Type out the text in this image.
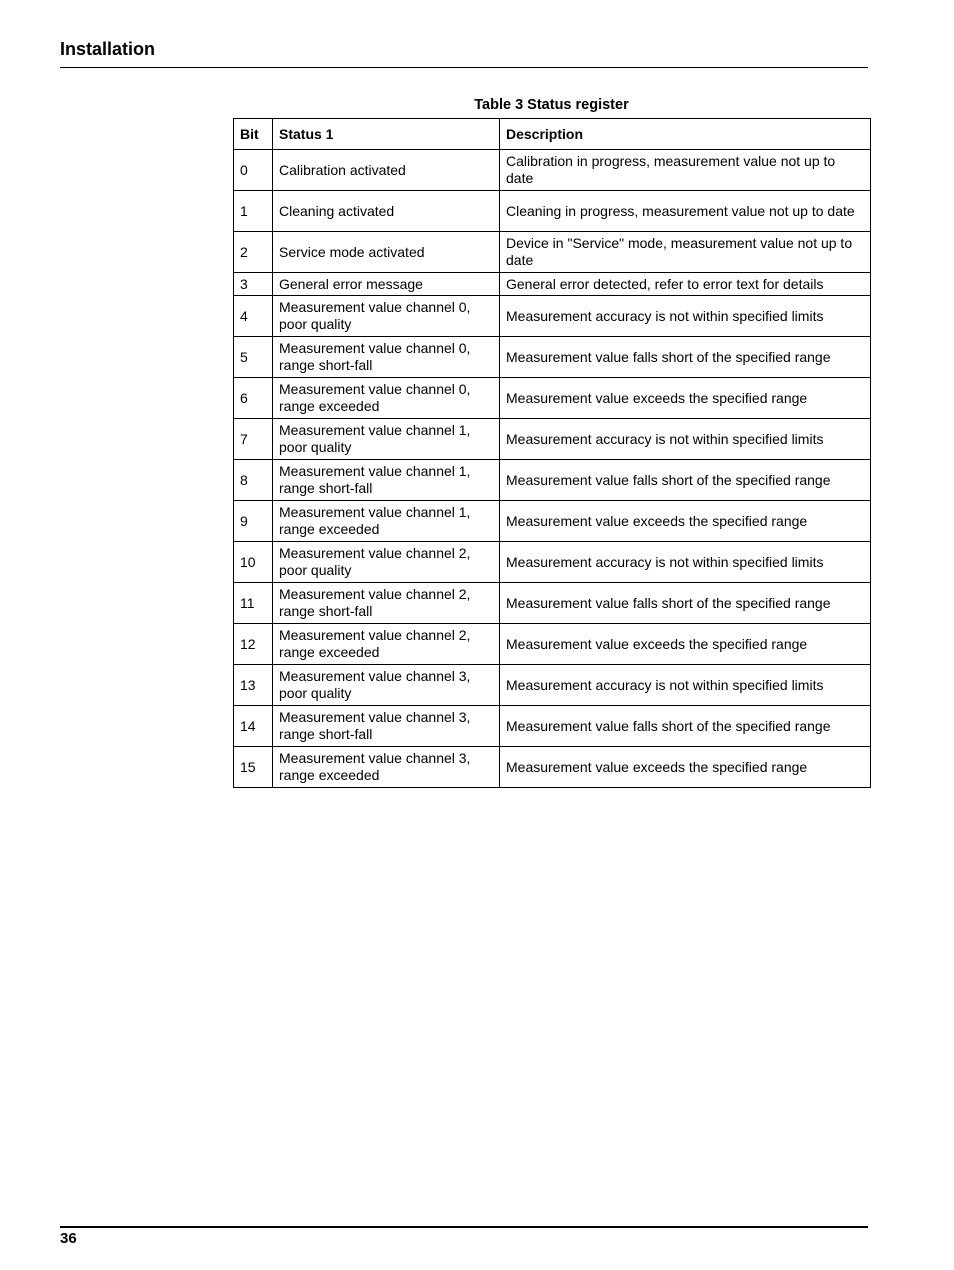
Installation
Table 3 Status register
Bit	Status 1	Description
0	Calibration activated	Calibration in progress, measurement value not up to date
1	Cleaning activated	Cleaning in progress, measurement value not up to date
2	Service mode activated	Device in "Service" mode, measurement value not up to date
3	General error message	General error detected, refer to error text for details
4	Measurement value channel 0, poor quality	Measurement accuracy is not within specified limits
5	Measurement value channel 0, range short-fall	Measurement value falls short of the specified range
6	Measurement value channel 0, range exceeded	Measurement value exceeds the specified range
7	Measurement value channel 1, poor quality	Measurement accuracy is not within specified limits
8	Measurement value channel 1, range short-fall	Measurement value falls short of the specified range
9	Measurement value channel 1, range exceeded	Measurement value exceeds the specified range
10	Measurement value channel 2, poor quality	Measurement accuracy is not within specified limits
11	Measurement value channel 2, range short-fall	Measurement value falls short of the specified range
12	Measurement value channel 2, range exceeded	Measurement value exceeds the specified range
13	Measurement value channel 3, poor quality	Measurement accuracy is not within specified limits
14	Measurement value channel 3, range short-fall	Measurement value falls short of the specified range
15	Measurement value channel 3, range exceeded	Measurement value exceeds the specified range
36
